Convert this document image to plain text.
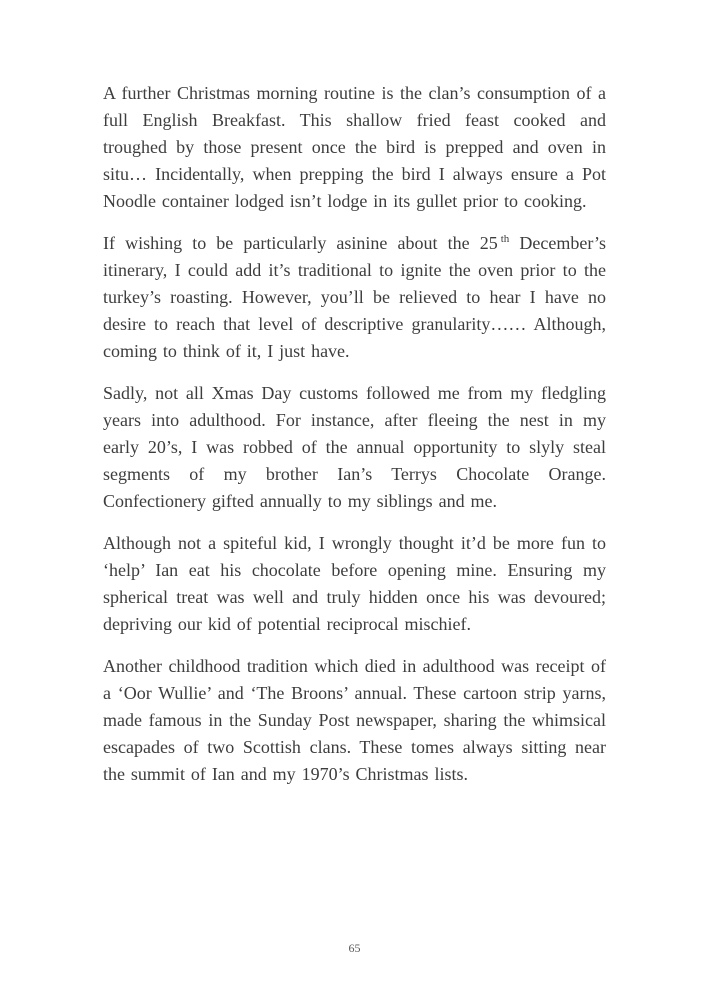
A further Christmas morning routine is the clan’s consumption of a full English Breakfast. This shallow fried feast cooked and troughed by those present once the bird is prepped and oven in situ… Incidentally, when prepping the bird I always ensure a Pot Noodle container lodged isn’t lodge in its gullet prior to cooking.

If wishing to be particularly asinine about the 25 $^{th}$ December’s itinerary, I could add it’s traditional to ignite the oven prior to the turkey’s roasting. However, you’ll be relieved to hear I have no desire to reach that level of descriptive granularity…… Although, coming to think of it, I just have.

Sadly, not all Xmas Day customs followed me from my fledgling years into adulthood. For instance, after fleeing the nest in my early 20’s, I was robbed of the annual opportunity to slyly steal segments of my brother Ian’s Terrys Chocolate Orange. Confectionery gifted annually to my siblings and me.

Although not a spiteful kid, I wrongly thought it’d be more fun to ‘help’ Ian eat his chocolate before opening mine. Ensuring my spherical treat was well and truly hidden once his was devoured; depriving our kid of potential reciprocal mischief.

Another childhood tradition which died in adulthood was receipt of a ‘Oor Wullie’ and ‘The Broons’ annual. These cartoon strip yarns, made famous in the Sunday Post newspaper, sharing the whimsical escapades of two Scottish clans. These tomes always sitting near the summit of Ian and my 1970’s Christmas lists.

65
